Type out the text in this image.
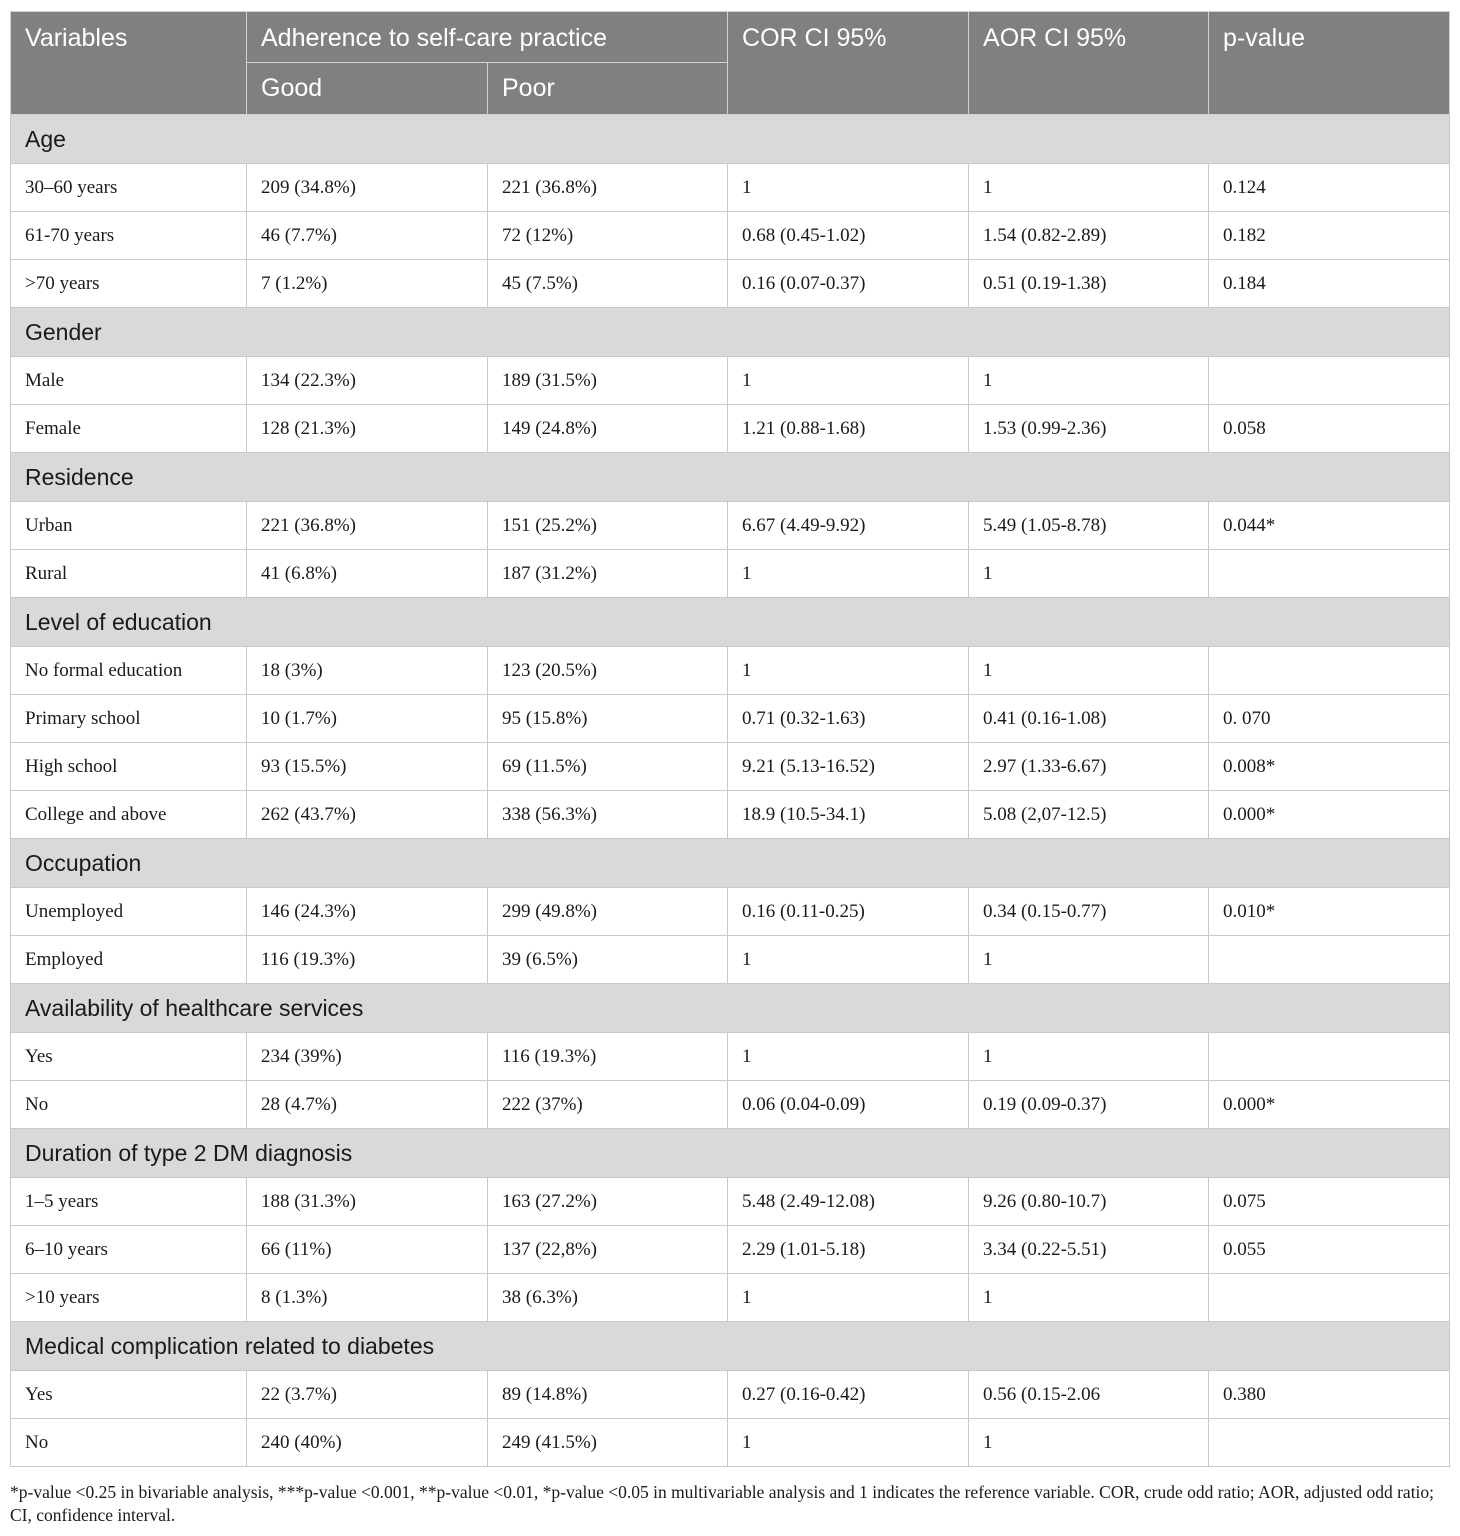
Variables	Adherence to self-care practice		COR CI 95%	AOR CI 95%	p-value
	Good	Poor			
Age					
30–60 years	209 (34.8%)	221 (36.8%)	1	1	0.124
61-70 years	46 (7.7%)	72 (12%)	0.68 (0.45-1.02)	1.54 (0.82-2.89)	0.182
>70 years	7 (1.2%)	45 (7.5%)	0.16 (0.07-0.37)	0.51 (0.19-1.38)	0.184
Gender					
Male	134 (22.3%)	189 (31.5%)	1	1	
Female	128 (21.3%)	149 (24.8%)	1.21 (0.88-1.68)	1.53 (0.99-2.36)	0.058
Residence					
Urban	221 (36.8%)	151 (25.2%)	6.67 (4.49-9.92)	5.49 (1.05-8.78)	0.044*
Rural	41 (6.8%)	187 (31.2%)	1	1	
Level of education					
No formal education	18 (3%)	123 (20.5%)	1	1	
Primary school	10 (1.7%)	95 (15.8%)	0.71 (0.32-1.63)	0.41 (0.16-1.08)	0. 070
High school	93 (15.5%)	69 (11.5%)	9.21 (5.13-16.52)	2.97 (1.33-6.67)	0.008*
College and above	262 (43.7%)	338 (56.3%)	18.9 (10.5-34.1)	5.08 (2,07-12.5)	0.000*
Occupation					
Unemployed	146 (24.3%)	299 (49.8%)	0.16 (0.11-0.25)	0.34 (0.15-0.77)	0.010*
Employed	116 (19.3%)	39 (6.5%)	1	1	
Availability of healthcare services					
Yes	234 (39%)	116 (19.3%)	1	1	
No	28 (4.7%)	222 (37%)	0.06 (0.04-0.09)	0.19 (0.09-0.37)	0.000*
Duration of type 2 DM diagnosis					
1–5 years	188 (31.3%)	163 (27.2%)	5.48 (2.49-12.08)	9.26 (0.80-10.7)	0.075
6–10 years	66 (11%)	137 (22,8%)	2.29 (1.01-5.18)	3.34 (0.22-5.51)	0.055
>10 years	8 (1.3%)	38 (6.3%)	1	1	
Medical complication related to diabetes					
Yes	22 (3.7%)	89 (14.8%)	0.27 (0.16-0.42)	0.56 (0.15-2.06	0.380
No	240 (40%)	249 (41.5%)	1	1	
*p-value <0.25 in bivariable analysis, ***p-value <0.001, **p-value <0.01, *p-value <0.05 in multivariable analysis and 1 indicates the reference variable. COR, crude odd ratio; AOR, adjusted odd ratio; CI, confidence interval.
